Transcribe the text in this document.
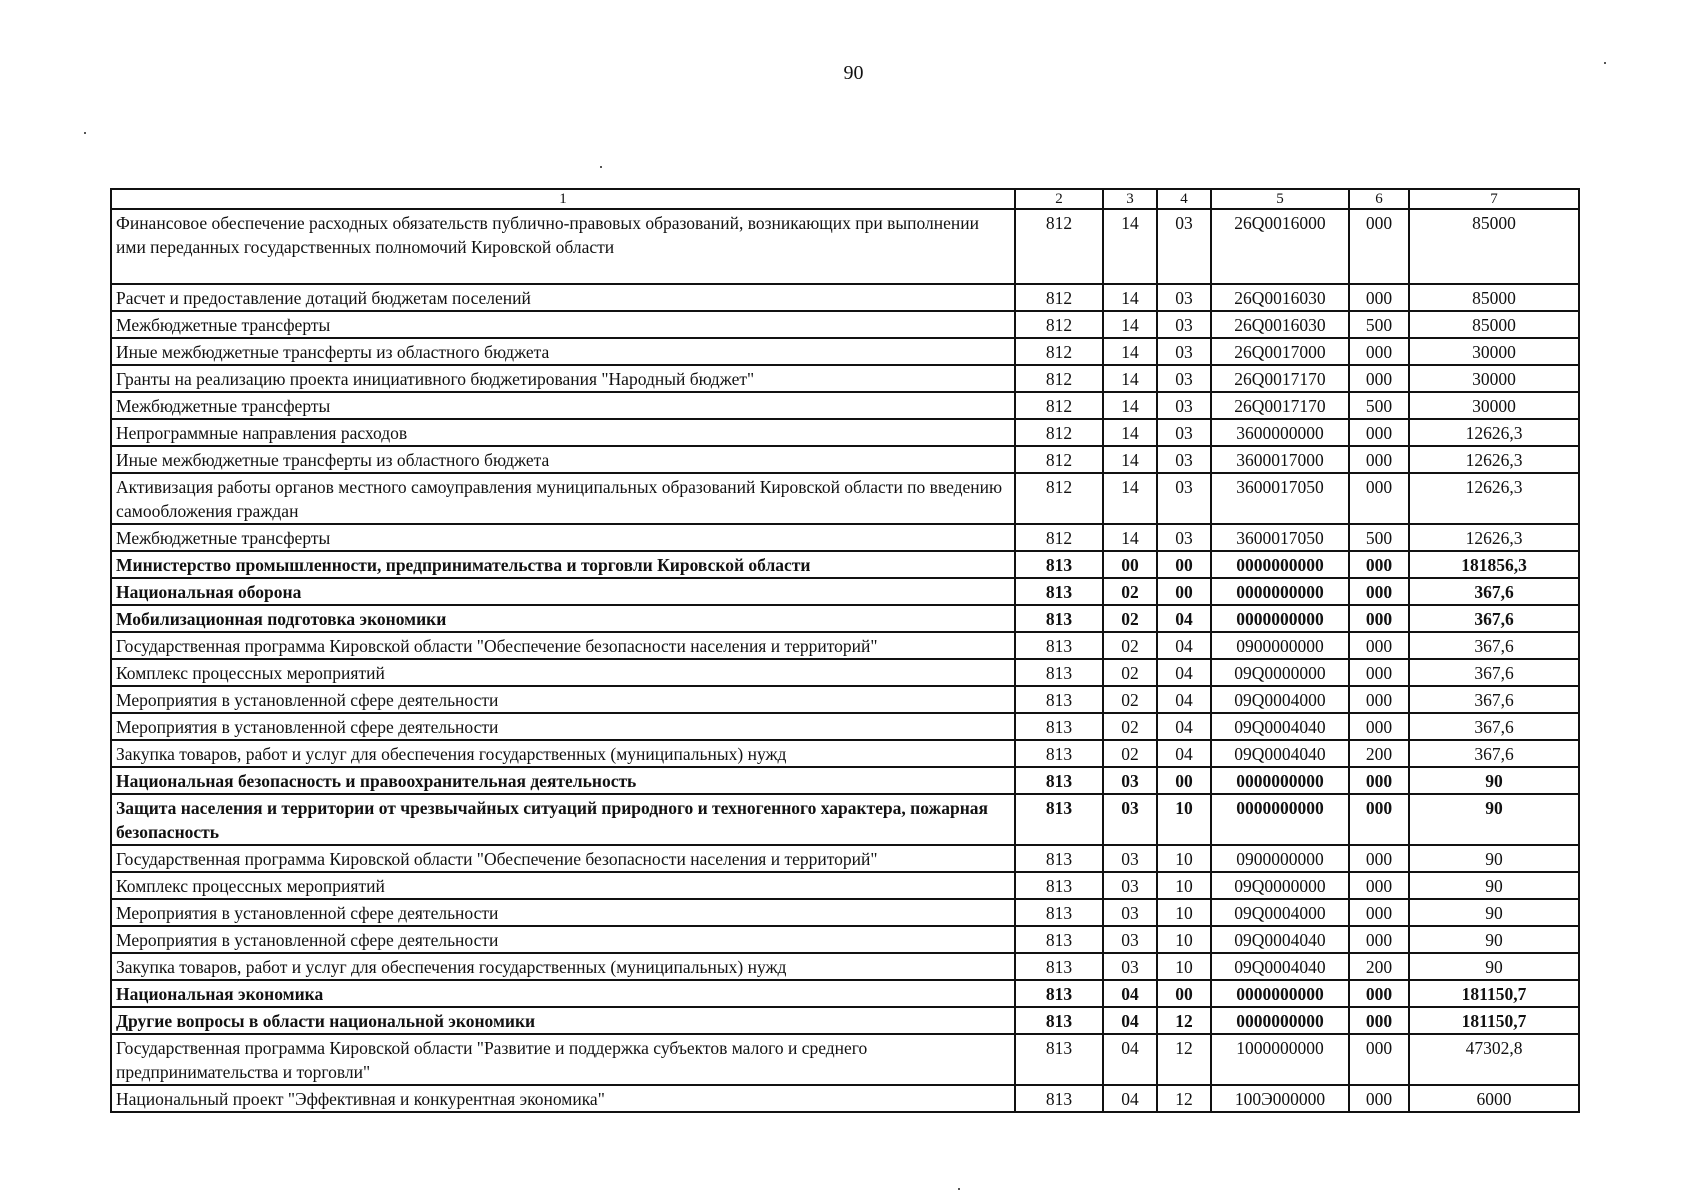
90
1	2	3	4	5	6	7
Финансовое обеспечение расходных обязательств публично-правовых образований, возникающих при выполнении ими переданных государственных полномочий Кировской области	812	14	03	26Q0016000	000	85000
Расчет и предоставление дотаций бюджетам поселений	812	14	03	26Q0016030	000	85000
Межбюджетные трансферты	812	14	03	26Q0016030	500	85000
Иные межбюджетные трансферты из областного бюджета	812	14	03	26Q0017000	000	30000
Гранты на реализацию проекта инициативного бюджетирования "Народный бюджет"	812	14	03	26Q0017170	000	30000
Межбюджетные трансферты	812	14	03	26Q0017170	500	30000
Непрограммные направления расходов	812	14	03	3600000000	000	12626,3
Иные межбюджетные трансферты из областного бюджета	812	14	03	3600017000	000	12626,3
Активизация работы органов местного самоуправления муниципальных образований Кировской области по введению самообложения граждан	812	14	03	3600017050	000	12626,3
Межбюджетные трансферты	812	14	03	3600017050	500	12626,3
Министерство промышленности, предпринимательства и торговли Кировской области	813	00	00	0000000000	000	181856,3
Национальная оборона	813	02	00	0000000000	000	367,6
Мобилизационная подготовка экономики	813	02	04	0000000000	000	367,6
Государственная программа Кировской области "Обеспечение безопасности населения и территорий"	813	02	04	0900000000	000	367,6
Комплекс процессных мероприятий	813	02	04	09Q0000000	000	367,6
Мероприятия в установленной сфере деятельности	813	02	04	09Q0004000	000	367,6
Мероприятия в установленной сфере деятельности	813	02	04	09Q0004040	000	367,6
Закупка товаров, работ и услуг для обеспечения государственных (муниципальных) нужд	813	02	04	09Q0004040	200	367,6
Национальная безопасность и правоохранительная деятельность	813	03	00	0000000000	000	90
Защита населения и территории от чрезвычайных ситуаций природного и техногенного характера, пожарная безопасность	813	03	10	0000000000	000	90
Государственная программа Кировской области "Обеспечение безопасности населения и территорий"	813	03	10	0900000000	000	90
Комплекс процессных мероприятий	813	03	10	09Q0000000	000	90
Мероприятия в установленной сфере деятельности	813	03	10	09Q0004000	000	90
Мероприятия в установленной сфере деятельности	813	03	10	09Q0004040	000	90
Закупка товаров, работ и услуг для обеспечения государственных (муниципальных) нужд	813	03	10	09Q0004040	200	90
Национальная экономика	813	04	00	0000000000	000	181150,7
Другие вопросы в области национальной экономики	813	04	12	0000000000	000	181150,7
Государственная программа Кировской области "Развитие и поддержка субъектов малого и среднего предпринимательства и торговли"	813	04	12	1000000000	000	47302,8
Национальный проект "Эффективная и конкурентная экономика"	813	04	12	100Э000000	000	6000
